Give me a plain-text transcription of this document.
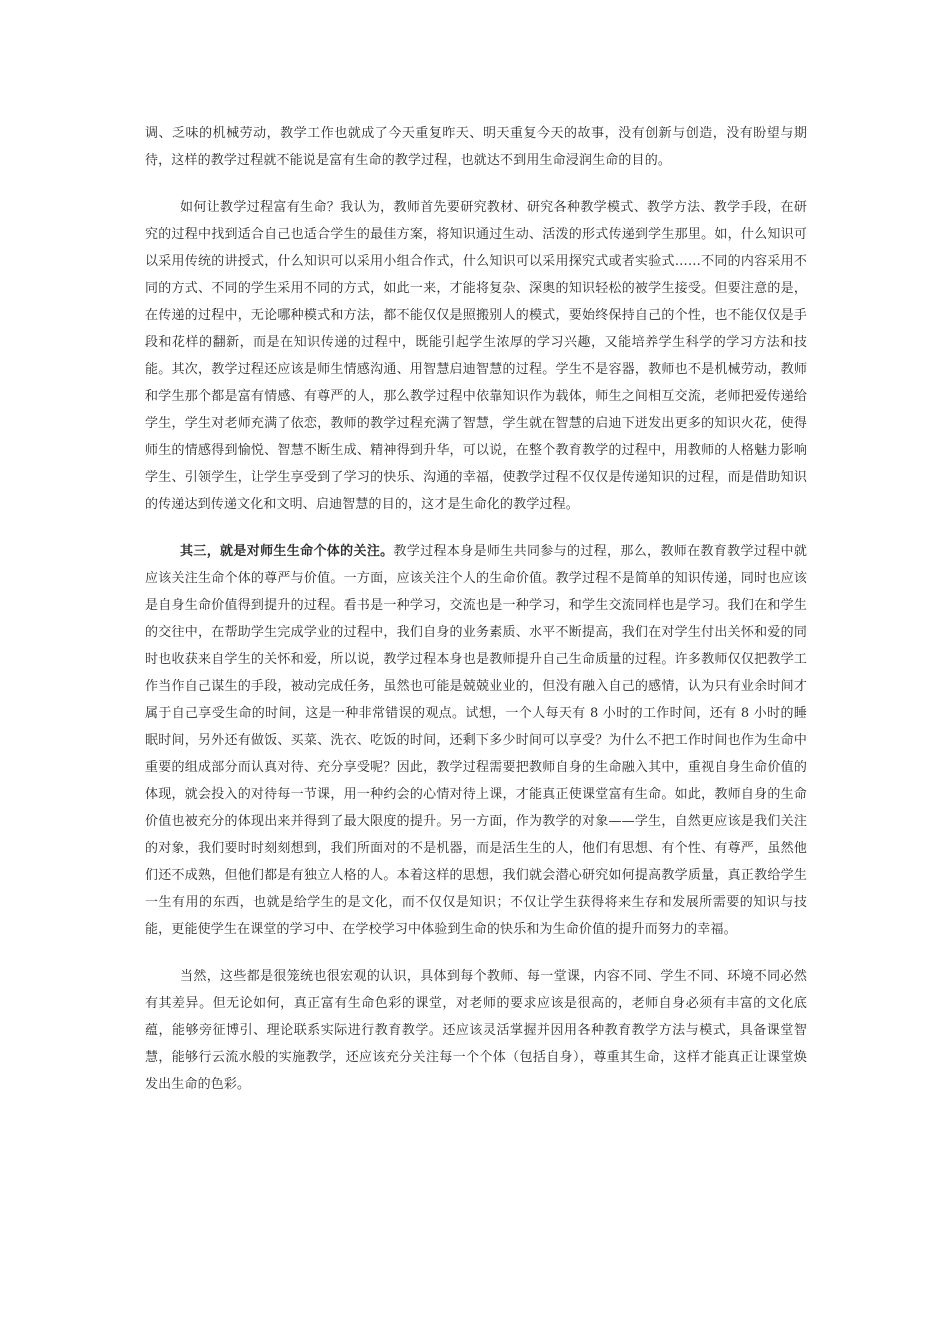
调、乏味的机械劳动，教学工作也就成了今天重复昨天、明天重复今天的故事，没有创新与创造，没有盼望与期待，这样的教学过程就不能说是富有生命的教学过程，也就达不到用生命浸润生命的目的。

如何让教学过程富有生命？我认为，教师首先要研究教材、研究各种教学模式、教学方法、教学手段，在研究的过程中找到适合自己也适合学生的最佳方案，将知识通过生动、活泼的形式传递到学生那里。如，什么知识可以采用传统的讲授式，什么知识可以采用小组合作式，什么知识可以采用探究式或者实验式……不同的内容采用不同的方式、不同的学生采用不同的方式，如此一来，才能将复杂、深奥的知识轻松的被学生接受。但要注意的是，在传递的过程中，无论哪种模式和方法，都不能仅仅是照搬别人的模式，要始终保持自己的个性，也不能仅仅是手段和花样的翻新，而是在知识传递的过程中，既能引起学生浓厚的学习兴趣，又能培养学生科学的学习方法和技能。其次，教学过程还应该是师生情感沟通、用智慧启迪智慧的过程。学生不是容器，教师也不是机械劳动，教师和学生那个都是富有情感、有尊严的人，那么教学过程中依靠知识作为载体，师生之间相互交流，老师把爱传递给学生，学生对老师充满了依恋，教师的教学过程充满了智慧，学生就在智慧的启迪下迸发出更多的知识火花，使得师生的情感得到愉悦、智慧不断生成、精神得到升华，可以说，在整个教育教学的过程中，用教师的人格魅力影响学生、引领学生，让学生享受到了学习的快乐、沟通的幸福，使教学过程不仅仅是传递知识的过程，而是借助知识的传递达到传递文化和文明、启迪智慧的目的，这才是生命化的教学过程。

其三，就是对师生生命个体的关注。教学过程本身是师生共同参与的过程，那么，教师在教育教学过程中就应该关注生命个体的尊严与价值。一方面，应该关注个人的生命价值。教学过程不是简单的知识传递，同时也应该是自身生命价值得到提升的过程。看书是一种学习，交流也是一种学习，和学生交流同样也是学习。我们在和学生的交往中，在帮助学生完成学业的过程中，我们自身的业务素质、水平不断提高，我们在对学生付出关怀和爱的同时也收获来自学生的关怀和爱，所以说，教学过程本身也是教师提升自己生命质量的过程。许多教师仅仅把教学工作当作自己谋生的手段，被动完成任务，虽然也可能是兢兢业业的，但没有融入自己的感情，认为只有业余时间才属于自己享受生命的时间，这是一种非常错误的观点。试想，一个人每天有 8 小时的工作时间，还有 8 小时的睡眠时间，另外还有做饭、买菜、洗衣、吃饭的时间，还剩下多少时间可以享受？为什么不把工作时间也作为生命中重要的组成部分而认真对待、充分享受呢？因此，教学过程需要把教师自身的生命融入其中，重视自身生命价值的体现，就会投入的对待每一节课，用一种约会的心情对待上课，才能真正使课堂富有生命。如此，教师自身的生命价值也被充分的体现出来并得到了最大限度的提升。另一方面，作为教学的对象——学生，自然更应该是我们关注的对象，我们要时时刻刻想到，我们所面对的不是机器，而是活生生的人，他们有思想、有个性、有尊严，虽然他们还不成熟，但他们都是有独立人格的人。本着这样的思想，我们就会潜心研究如何提高教学质量，真正教给学生一生有用的东西，也就是给学生的是文化，而不仅仅是知识；不仅让学生获得将来生存和发展所需要的知识与技能，更能使学生在课堂的学习中、在学校学习中体验到生命的快乐和为生命价值的提升而努力的幸福。

当然，这些都是很笼统也很宏观的认识，具体到每个教师、每一堂课，内容不同、学生不同、环境不同必然有其差异。但无论如何，真正富有生命色彩的课堂，对老师的要求应该是很高的，老师自身必须有丰富的文化底蕴，能够旁征博引、理论联系实际进行教育教学。还应该灵活掌握并因用各种教育教学方法与模式，具备课堂智慧，能够行云流水般的实施教学，还应该充分关注每一个个体（包括自身），尊重其生命，这样才能真正让课堂焕发出生命的色彩。
